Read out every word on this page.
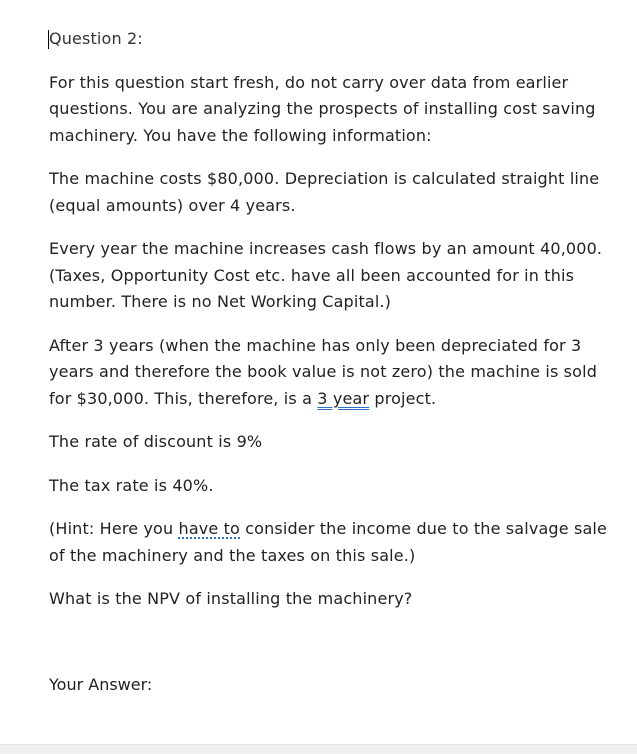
Question 2:

For this question start fresh, do not carry over data from earlier questions. You are analyzing the prospects of installing cost saving machinery. You have the following information:

The machine costs $80,000. Depreciation is calculated straight line (equal amounts) over 4 years.

Every year the machine increases cash flows by an amount 40,000. (Taxes, Opportunity Cost etc. have all been accounted for in this number. There is no Net Working Capital.)

After 3 years (when the machine has only been depreciated for 3 years and therefore the book value is not zero) the machine is sold for $30,000. This, therefore, is a 3 year project.

The rate of discount is 9%

The tax rate is 40%.

(Hint: Here you have to consider the income due to the salvage sale of the machinery and the taxes on this sale.)

What is the NPV of installing the machinery?

Your Answer:
